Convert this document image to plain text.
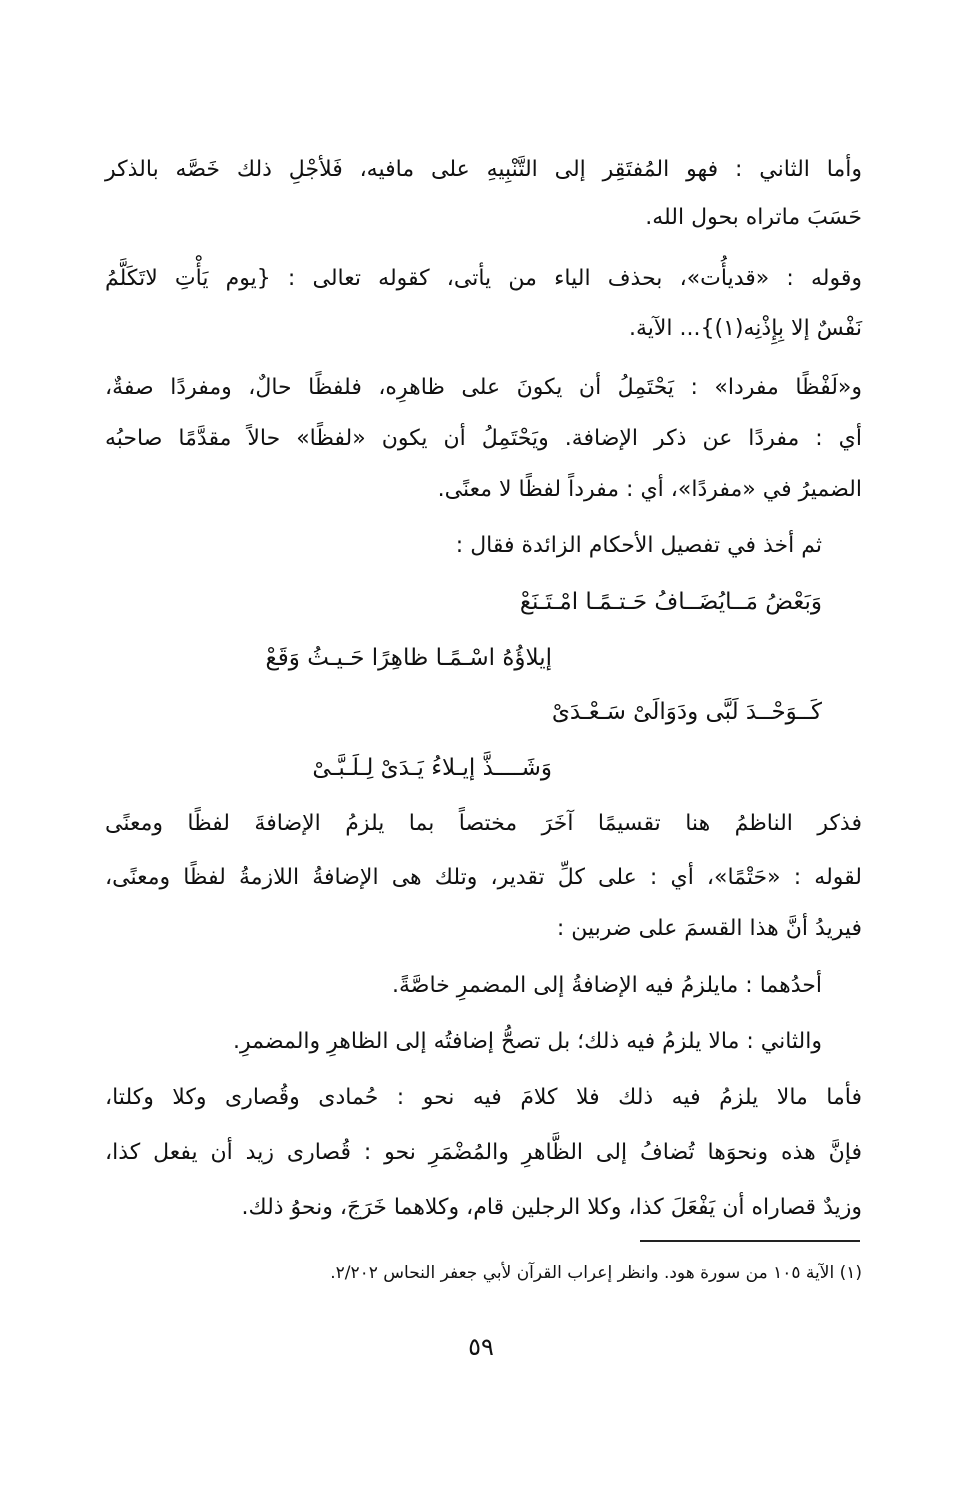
وأما الثاني : فهو المُفتَقِر إلى التَّنْبِيهِ على مافيه، فَلأجْلِ ذلك خَصَّه بالذكر
حَسَبَ ماتراه بحول الله.
وقوله : «قديأُت»، بحذف الياء من يأتى، كقوله تعالى : {يوم يَأْتِ لاتَكَلَّمُ
نَفْسٌ إلا بِإِذْنِه(١)}... الآية.
و«لَفْظًا مفردا» : يَحْتَمِلُ أن يكونَ على ظاهرِه، فلفظًا حالٌ، ومفردًا صفةٌ،
أي : مفردًا عن ذكر الإضافة. ويَحْتَمِلُ أن يكون «لفظًا» حالاً مقدَّمًا صاحبُه
الضميرُ في «مفردًا»، أي : مفرداً لفظًا لا معنًى.
ثم أخذ في تفصيل الأحكام الزائدة فقال :
وَبَعْضُ مَــايُضَــافُ حَـتـمًـا امْـتَـنَعْ
إيلاؤُهُ اسْـمًـا ظاهِرًا حَـيـثُ وَقَعْ
كَــوَحْــدَ لَبَّى ودَوَالَىْ سَـعْـدَىْ
وَشَــــذَّ إيـلاءُ يَـدَىْ لِـلَـبَّـىْ
فذكر الناظمُ هنا تقسيمًا آخَرَ مختصاً بما يلزمُ الإضافةَ لفظًا ومعنًى
لقوله : «حَتْمًا»، أي : على كلِّ تقدير، وتلك هى الإضافةُ اللازمةُ لفظًا ومعنًى،
فيريدُ أنَّ هذا القسمَ على ضربين :
أحدُهما : مايلزمُ فيه الإضافةُ إلى المضمرِ خاصَّةً.
والثاني : مالا يلزمُ فيه ذلك؛ بل تصحُّ إضافتُه إلى الظاهرِ والمضمرِ.
فأما مالا يلزمُ فيه ذلك فلا كلامَ فيه نحو : حُمادى وقُصارى وكلا وكلتا،
فإنَّ هذه ونحوَها تُضافُ إلى الظَّاهرِ والمُضْمَرِ نحو : قُصارى زيد أن يفعل كذا،
وزيدٌ قصاراه أن يَفْعَلَ كذا، وكلا الرجلين قام، وكلاهما خَرَجَ، ونحوُ ذلك.
(١) الآية ١٠٥ من سورة هود. وانظر إعراب القرآن لأبي جعفر النحاس ٢/٢٠٢.
٥٩
